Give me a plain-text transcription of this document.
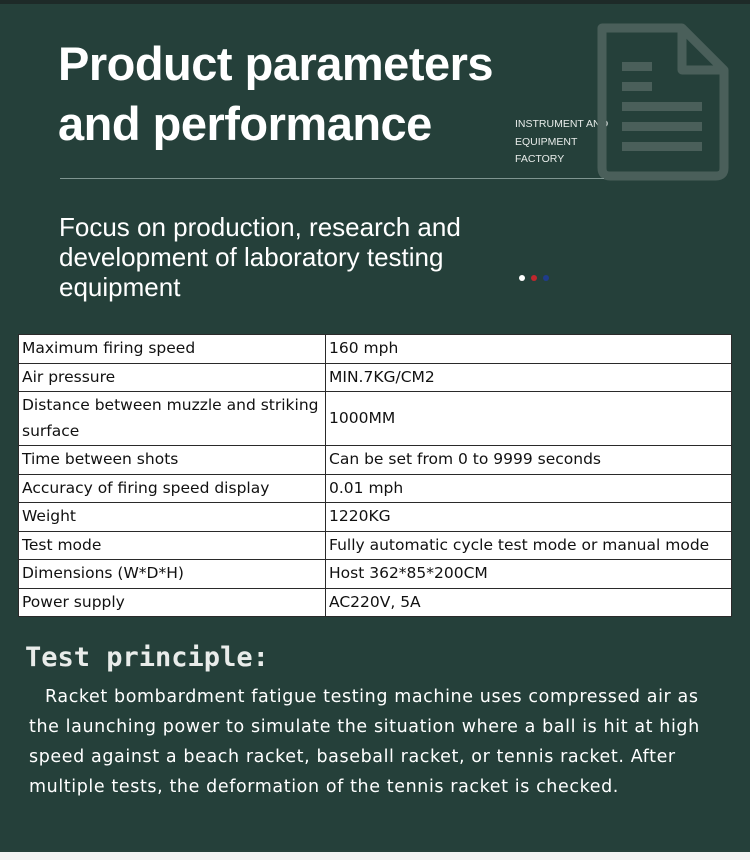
Product parameters
and performance	INSTRUMENT AND
EQUIPMENT
FACTORY
Focus on production, research and development of laboratory testing equipment
Maximum firing speed	160 mph
Air pressure	MIN.7KG/CM2
Distance between muzzle and striking surface	1000MM
Time between shots	Can be set from 0 to 9999 seconds
Accuracy of firing speed display	0.01 mph
Weight	1220KG
Test mode	Fully automatic cycle test mode or manual mode
Dimensions (W*D*H)	Host 362*85*200CM
Power supply	AC220V, 5A
Test principle:

Racket bombardment fatigue testing machine uses compressed air as the launching power to simulate the situation where a ball is hit at high speed against a beach racket, baseball racket, or tennis racket. After multiple tests, the deformation of the tennis racket is checked.
